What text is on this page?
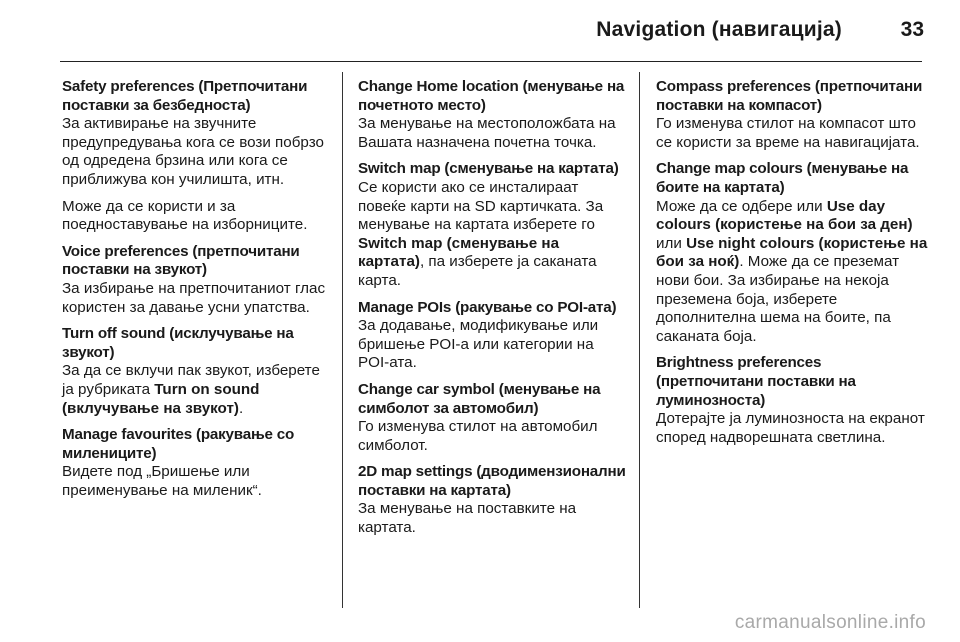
Navigation (навигација)	33
Safety preferences (Претпочитани поставки за безбедноста)

За активирање на звучните предупредувања кога се вози побрзо од одредена брзина или кога се приближува кон училишта, итн.

Може да се користи и за поедноставување на изборниците.

Voice preferences (претпочитани поставки на звукот)

За избирање на претпочитаниот глас користен за давање усни упатства.

Turn off sound (исклучување на звукот)

За да се вклучи пак звукот, изберете ја рубриката Turn on sound (вклучување на звукот).

Manage favourites (ракување со милениците)

Видете под „Бришење или преименување на миленик“.

Change Home location (менување на почетното место)

За менување на местоположбата на Вашата назначена почетна точка.

Switch map (сменување на картата)

Се користи ако се инсталираат повеќе карти на SD картичката. За менување на картата изберете го Switch map (сменување на картата), па изберете ја саканата карта.

Manage POIs (ракување со POI-ата)

За додавање, модификување или бришење POI-а или категории на POI-ата.

Change car symbol (менување на симболот за автомобил)

Го изменува стилот на автомобил симболот.

2D map settings (дводимензионални поставки на картата)

За менување на поставките на картата.

Compass preferences (претпочитани поставки на компасот)

Го изменува стилот на компасот што се користи за време на навигацијата.

Change map colours (менување на боите на картата)

Може да се одбере или Use day colours (користење на бои за ден) или Use night colours (користење на бои за ноќ). Може да се преземат нови бои. За избирање на некоја преземена боја, изберете дополнителна шема на боите, па саканата боја.

Brightness preferences (претпочитани поставки на луминозноста)

Дотерајте ја луминозноста на екранот според надворешната светлина.

carmanualsonline.info
